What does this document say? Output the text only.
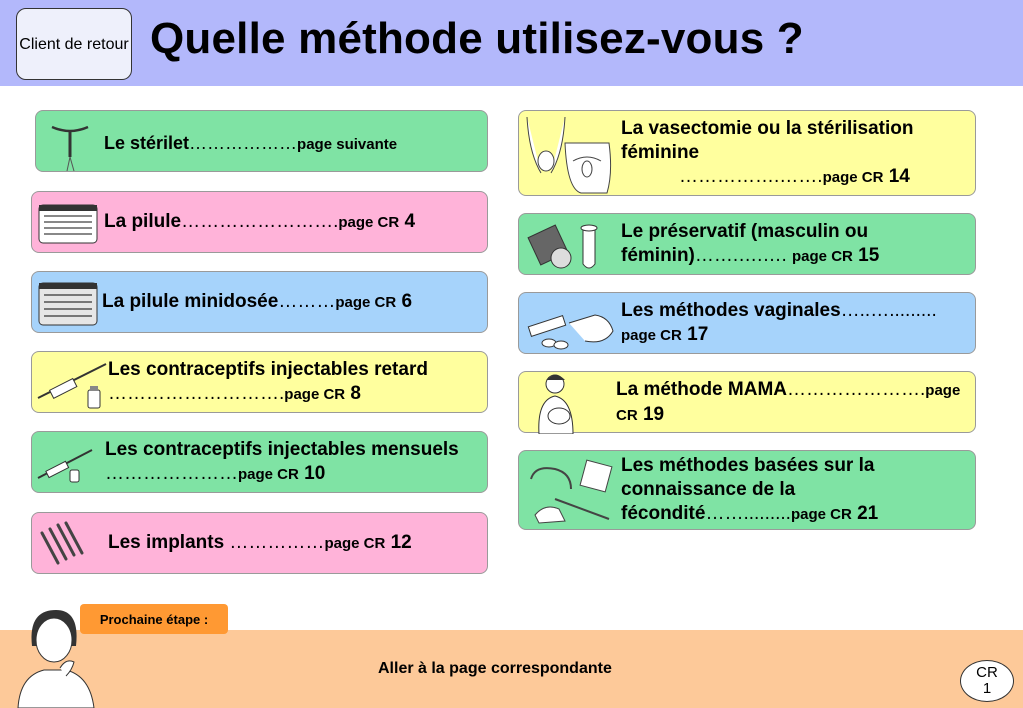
Client de retour Quelle méthode utilisez-vous ?
Le stérilet………………page suivante
La pilule…………………….page CR 4
La pilule minidosée………page CR 6
Les contraceptifs injectables retard
……………………….page CR 8
Les contraceptifs injectables mensuels
…………………page CR 10
Les implants ……………page CR 12
La vasectomie ou la stérilisation féminine
…………….…….page CR 14
Le préservatif (masculin ou féminin)…….….…. page CR 15
Les méthodes vaginales…..…......... page CR 17
La méthode MAMA………………….page CR 19
Les méthodes basées sur la connaissance de la fécondité…….........page CR 21
Prochaine étape :
Aller à la page correspondante	CR
1
